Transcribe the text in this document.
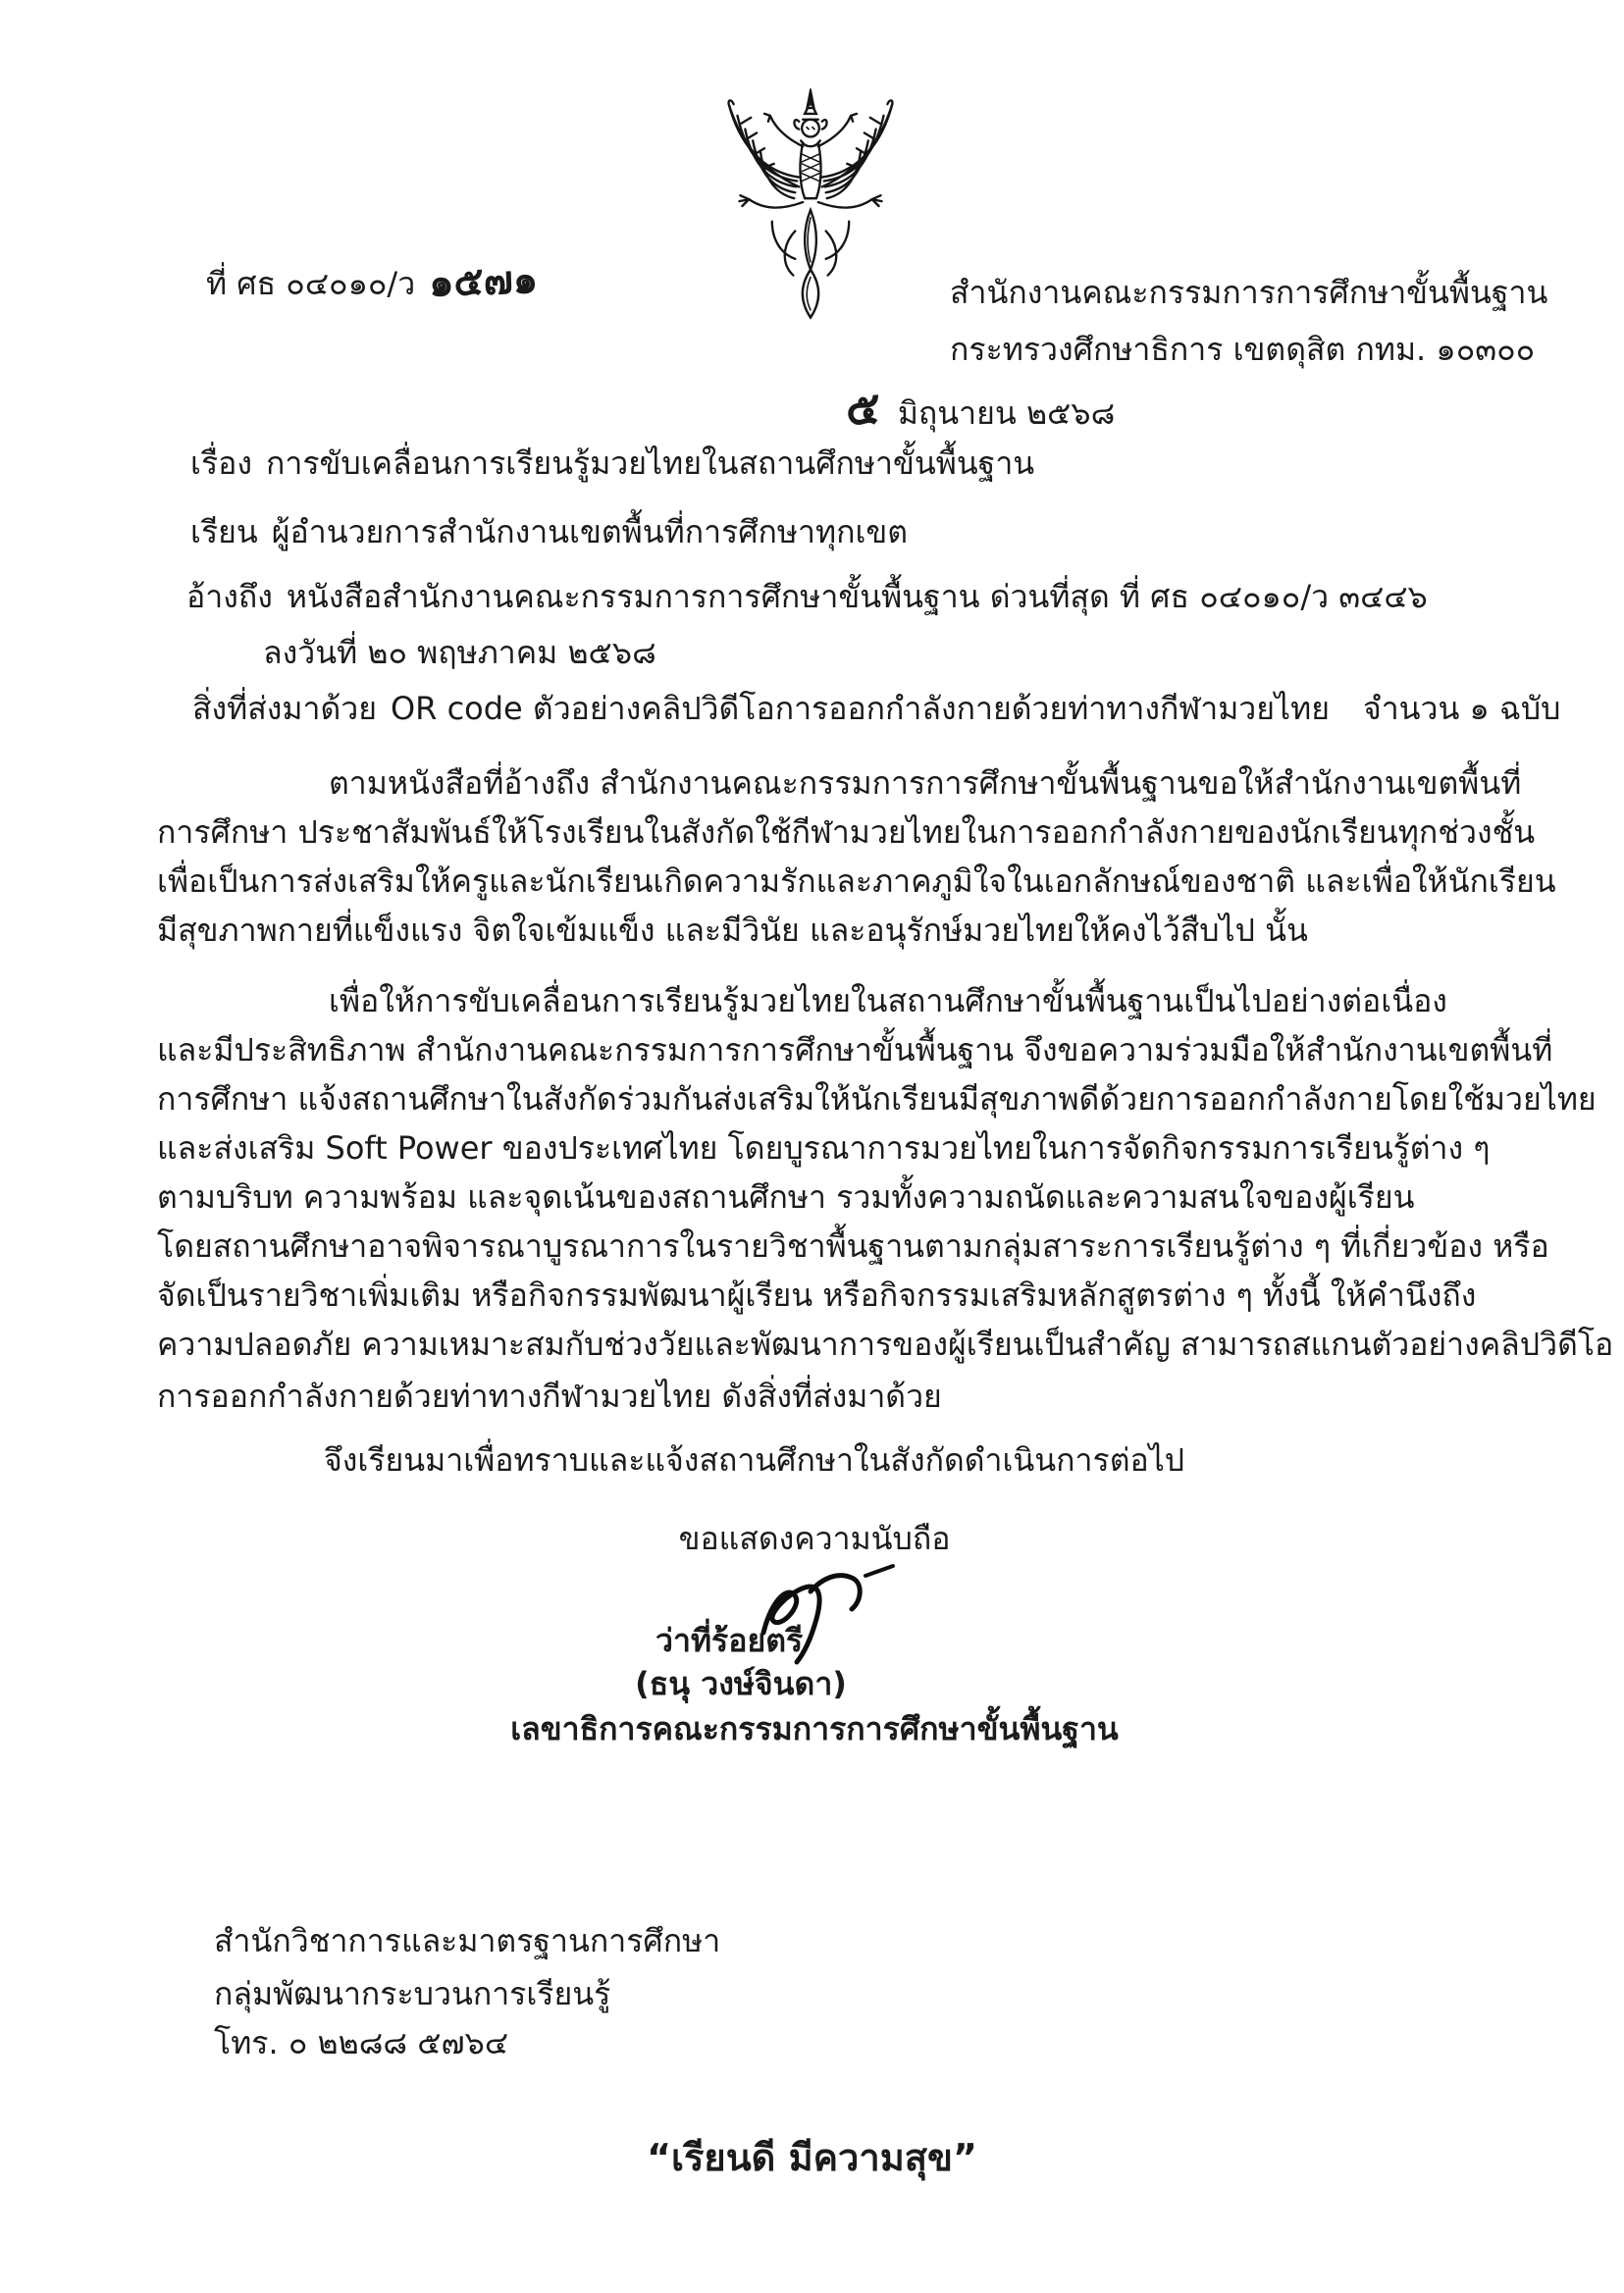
ที่ ศธ ๐๔๐๑๐/ว ๑๕๗๑	สำนักงานคณะกรรมการการศึกษาขั้นพื้นฐาน
กระทรวงศึกษาธิการ เขตดุสิต กทม. ๑๐๓๐๐
๕ มิถุนายน ๒๕๖๘
เรื่อง การขับเคลื่อนการเรียนรู้มวยไทยในสถานศึกษาขั้นพื้นฐาน
เรียน ผู้อำนวยการสำนักงานเขตพื้นที่การศึกษาทุกเขต
อ้างถึง หนังสือสำนักงานคณะกรรมการการศึกษาขั้นพื้นฐาน ด่วนที่สุด ที่ ศธ ๐๔๐๑๐/ว ๓๔๔๖
ลงวันที่ ๒๐ พฤษภาคม ๒๕๖๘
สิ่งที่ส่งมาด้วย OR code ตัวอย่างคลิปวิดีโอการออกกำลังกายด้วยท่าทางกีฬามวยไทย จำนวน ๑ ฉบับ
ตามหนังสือที่อ้างถึง สำนักงานคณะกรรมการการศึกษาขั้นพื้นฐานขอให้สำนักงานเขตพื้นที่
การศึกษา ประชาสัมพันธ์ให้โรงเรียนในสังกัดใช้กีฬามวยไทยในการออกกำลังกายของนักเรียนทุกช่วงชั้น
เพื่อเป็นการส่งเสริมให้ครูและนักเรียนเกิดความรักและภาคภูมิใจในเอกลักษณ์ของชาติ และเพื่อให้นักเรียน
มีสุขภาพกายที่แข็งแรง จิตใจเข้มแข็ง และมีวินัย และอนุรักษ์มวยไทยให้คงไว้สืบไป นั้น
เพื่อให้การขับเคลื่อนการเรียนรู้มวยไทยในสถานศึกษาขั้นพื้นฐานเป็นไปอย่างต่อเนื่อง
และมีประสิทธิภาพ สำนักงานคณะกรรมการการศึกษาขั้นพื้นฐาน จึงขอความร่วมมือให้สำนักงานเขตพื้นที่
การศึกษา แจ้งสถานศึกษาในสังกัดร่วมกันส่งเสริมให้นักเรียนมีสุขภาพดีด้วยการออกกำลังกายโดยใช้มวยไทย
และส่งเสริม Soft Power ของประเทศไทย โดยบูรณาการมวยไทยในการจัดกิจกรรมการเรียนรู้ต่าง ๆ
ตามบริบท ความพร้อม และจุดเน้นของสถานศึกษา รวมทั้งความถนัดและความสนใจของผู้เรียน
โดยสถานศึกษาอาจพิจารณาบูรณาการในรายวิชาพื้นฐานตามกลุ่มสาระการเรียนรู้ต่าง ๆ ที่เกี่ยวข้อง หรือ
จัดเป็นรายวิชาเพิ่มเติม หรือกิจกรรมพัฒนาผู้เรียน หรือกิจกรรมเสริมหลักสูตรต่าง ๆ ทั้งนี้ ให้คำนึงถึง
ความปลอดภัย ความเหมาะสมกับช่วงวัยและพัฒนาการของผู้เรียนเป็นสำคัญ สามารถสแกนตัวอย่างคลิปวิดีโอ
การออกกำลังกายด้วยท่าทางกีฬามวยไทย ดังสิ่งที่ส่งมาด้วย
จึงเรียนมาเพื่อทราบและแจ้งสถานศึกษาในสังกัดดำเนินการต่อไป
ขอแสดงความนับถือ
ว่าที่ร้อยตรี
(ธนุ วงษ์จินดา)
เลขาธิการคณะกรรมการการศึกษาขั้นพื้นฐาน
สำนักวิชาการและมาตรฐานการศึกษา
กลุ่มพัฒนากระบวนการเรียนรู้
โทร. ๐ ๒๒๘๘ ๕๗๖๔
“เรียนดี มีความสุข”
